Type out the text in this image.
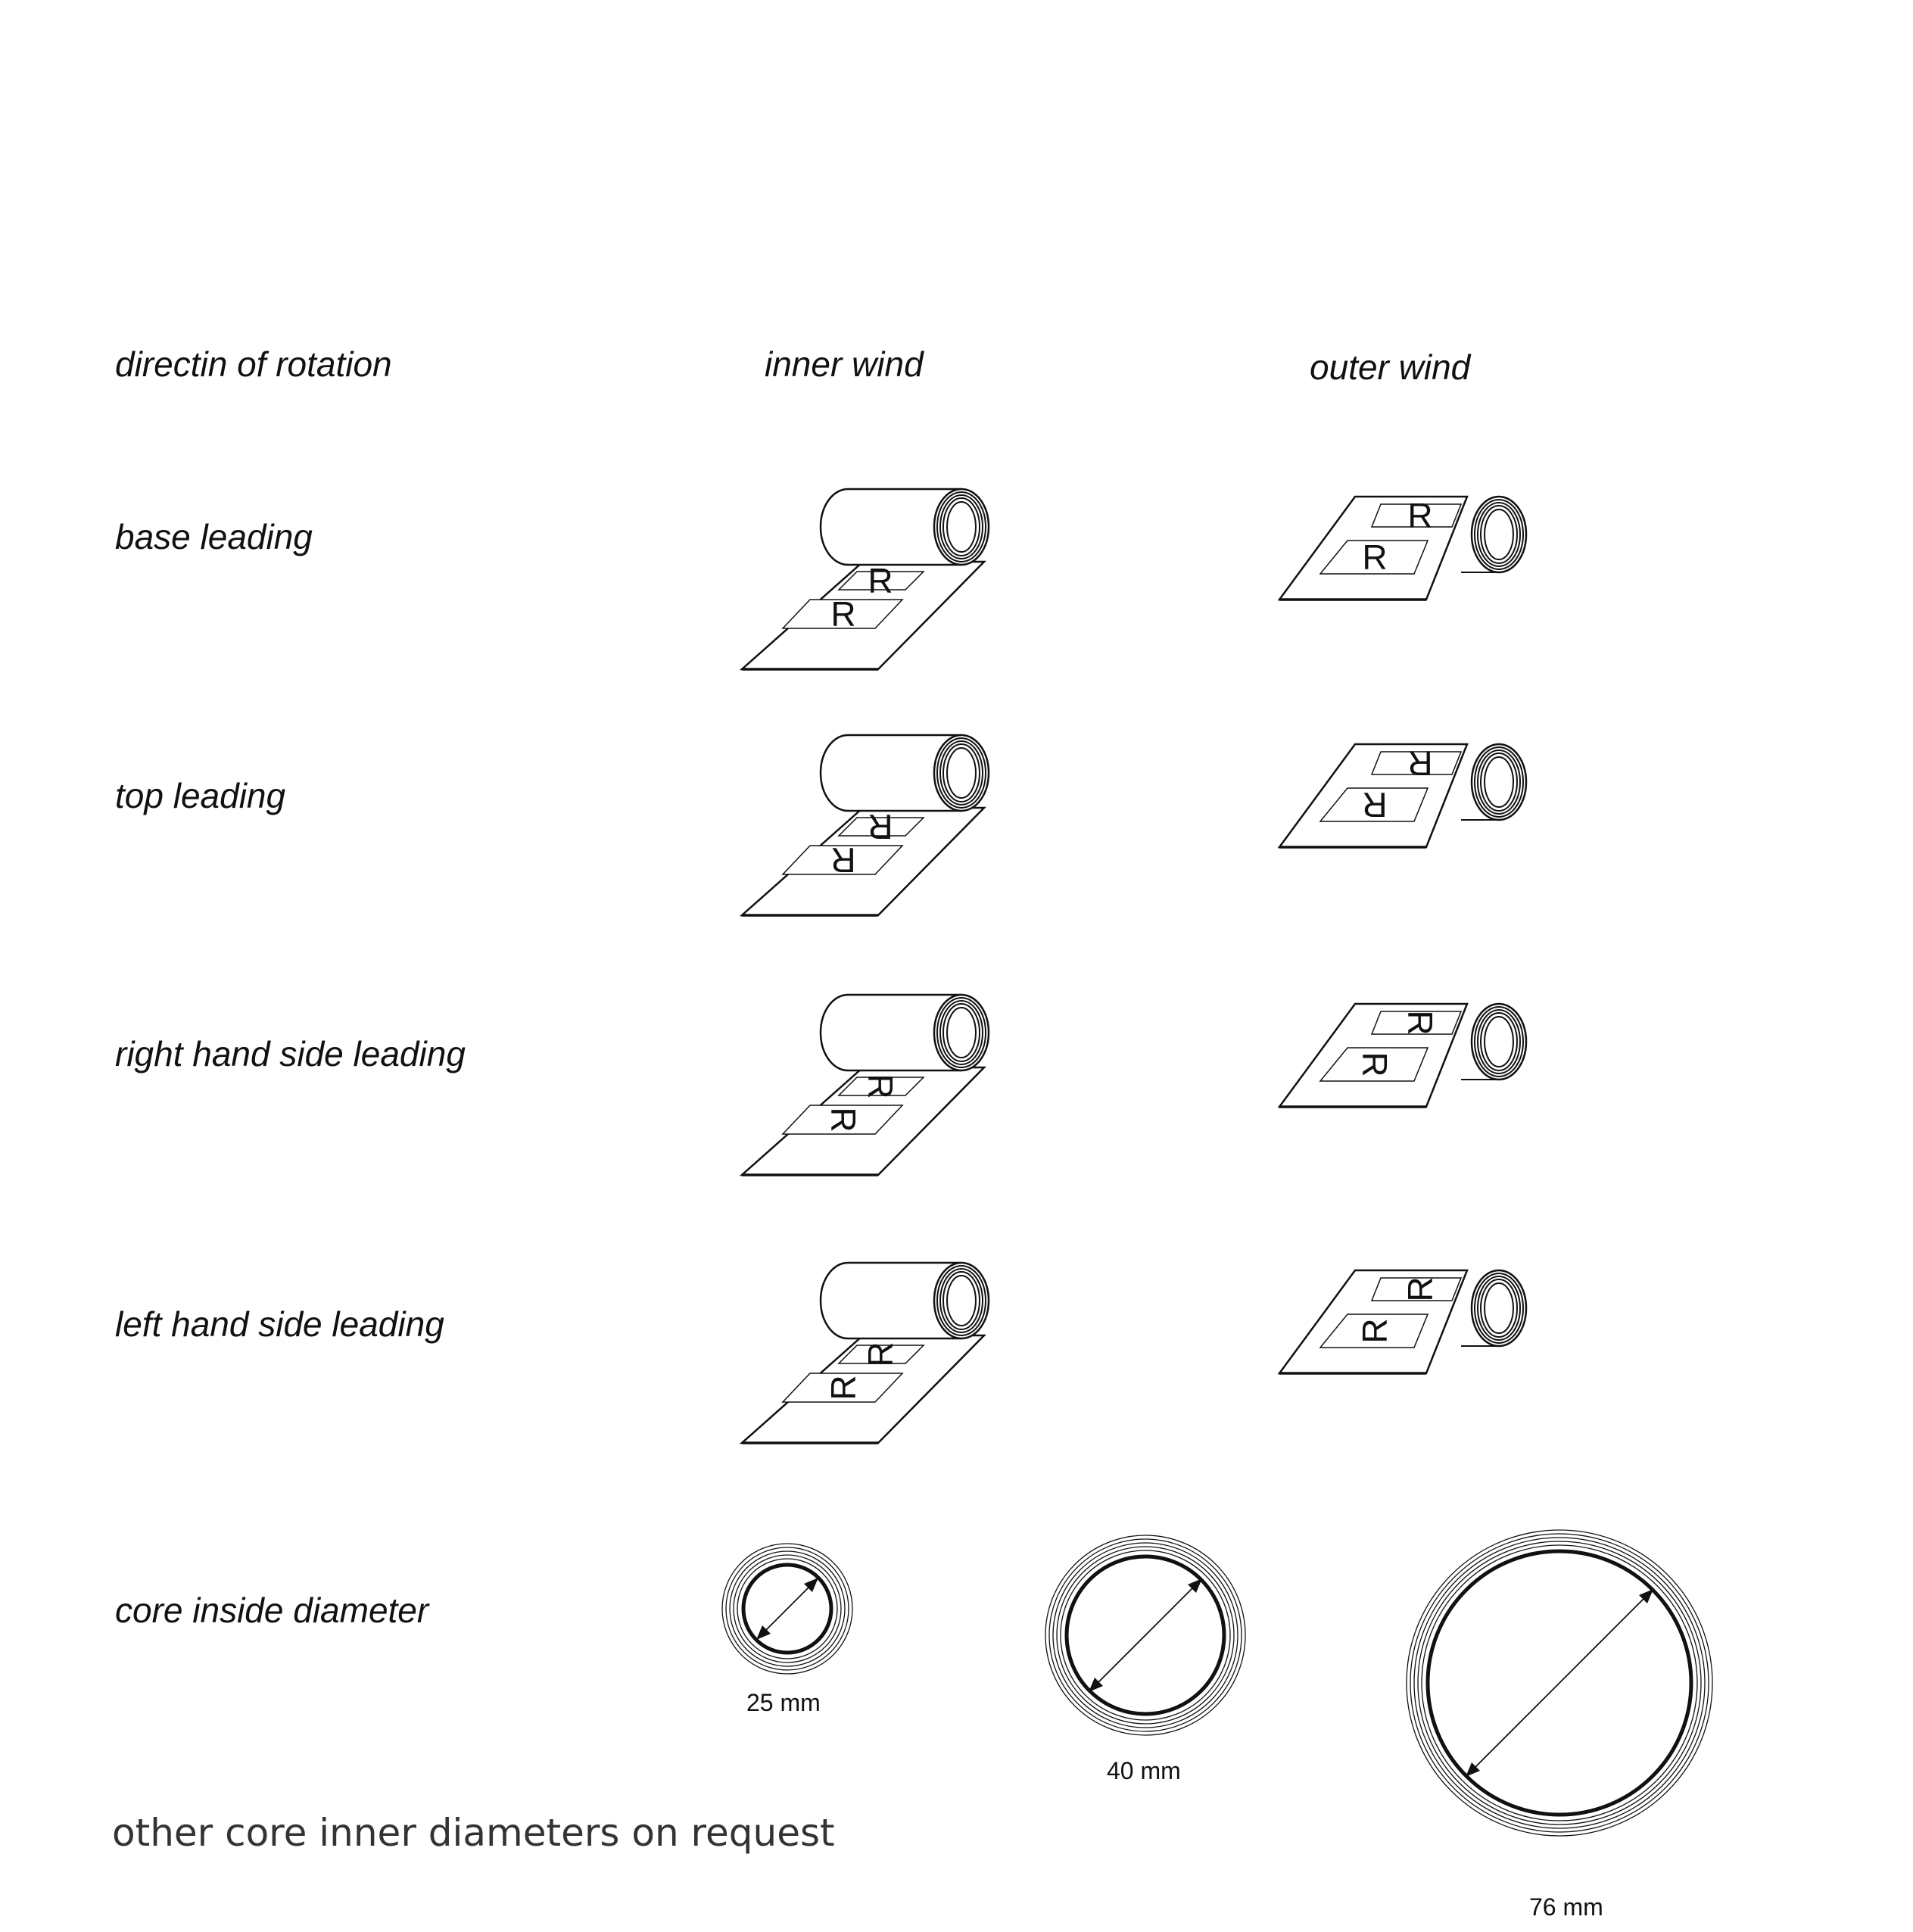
directin of rotation	inner wind	outer wind
base leading
top leading
right hand side leading
left hand side leading
core inside diameter
R
R
R
R
R
R
R
R
R
R
R
R
R
R
R
R
25 mm
40 mm
76 mm
other core inner diameters on request
